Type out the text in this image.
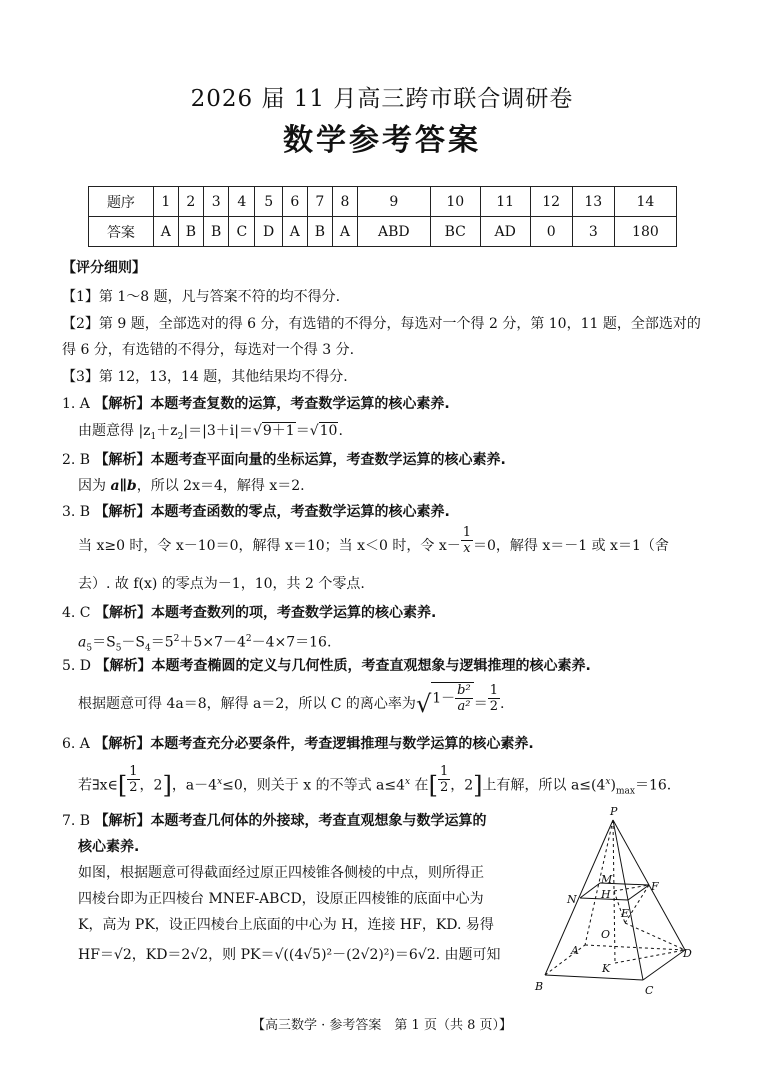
2026 届 11 月高三跨市联合调研卷
数学参考答案
题序	1	2	3	4	5	6	7	8	9	10	11	12	13	14
答案	A	B	B	C	D	A	B	A	ABD	BC	AD	0	3	180
【评分细则】
【1】第 1～8 题，凡与答案不符的均不得分.
【2】第 9 题，全部选对的得 6 分，有选错的不得分，每选对一个得 2 分，第 10，11 题，全部选对的
得 6 分，有选错的不得分，每选对一个得 3 分.
【3】第 12，13，14 题，其他结果均不得分.
1. A 【解析】本题考查复数的运算，考查数学运算的核心素养.
由题意得 $|z_1+z_2|=|3+i|=√9+1=√10$.
2. B 【解析】本题考查平面向量的坐标运算，考查数学运算的核心素养.
因为 a∥b，所以 2x＝4，解得 x＝2.
3. B 【解析】本题考查函数的零点，考查数学运算的核心素养.
当 x≥0 时，令 x－10＝0，解得 x＝10；当 x＜0 时，令 $x- \frac{1}{x} =0$，解得 x＝－1 或 x＝1（舍
去）. 故 f(x) 的零点为－1，10，共 2 个零点.
4. C 【解析】本题考查数列的项，考查数学运算的核心素养.
$a_5=S_5-S_4=5^2+5\times 7-4^2-4\times 7=16$.
5. D 【解析】本题考查椭圆的定义与几何性质，考查直观想象与逻辑推理的核心素养.
根据题意可得 4a＝8，解得 a＝2，所以 C 的离心率为$√1- \frac{\text{b²}}{\text{a²}} = \frac{1}{2}$ .
6. A 【解析】本题考查充分必要条件，考查逻辑推理与数学运算的核心素养.
若∃x∈[ $\frac{1}{2}$ ，2]，$a-4^x\le 0$，则关于 x 的不等式 $a\le 4^x$ 在[ $\frac{1}{2}$ ，2]上有解，所以 $a\le(4^x)_{max}=16$.
7. B 【解析】本题考查几何体的外接球，考查直观想象与数学运算的
核心素养.
如图，根据题意可得截面经过原正四棱锥各侧棱的中点，则所得正
四棱台即为正四棱台 MNEF-ABCD，设原正四棱锥的底面中心为
K，高为 PK，设正四棱台上底面的中心为 H，连接 HF，KD. 易得
HF＝√2，KD＝2√2，则 PK＝√((4√5)²－(2√2)²)＝6√2. 由题可知
P
M
F
N H
E
O
A	D
K
B	C
【高三数学 · 参考答案　第 1 页（共 8 页）】
